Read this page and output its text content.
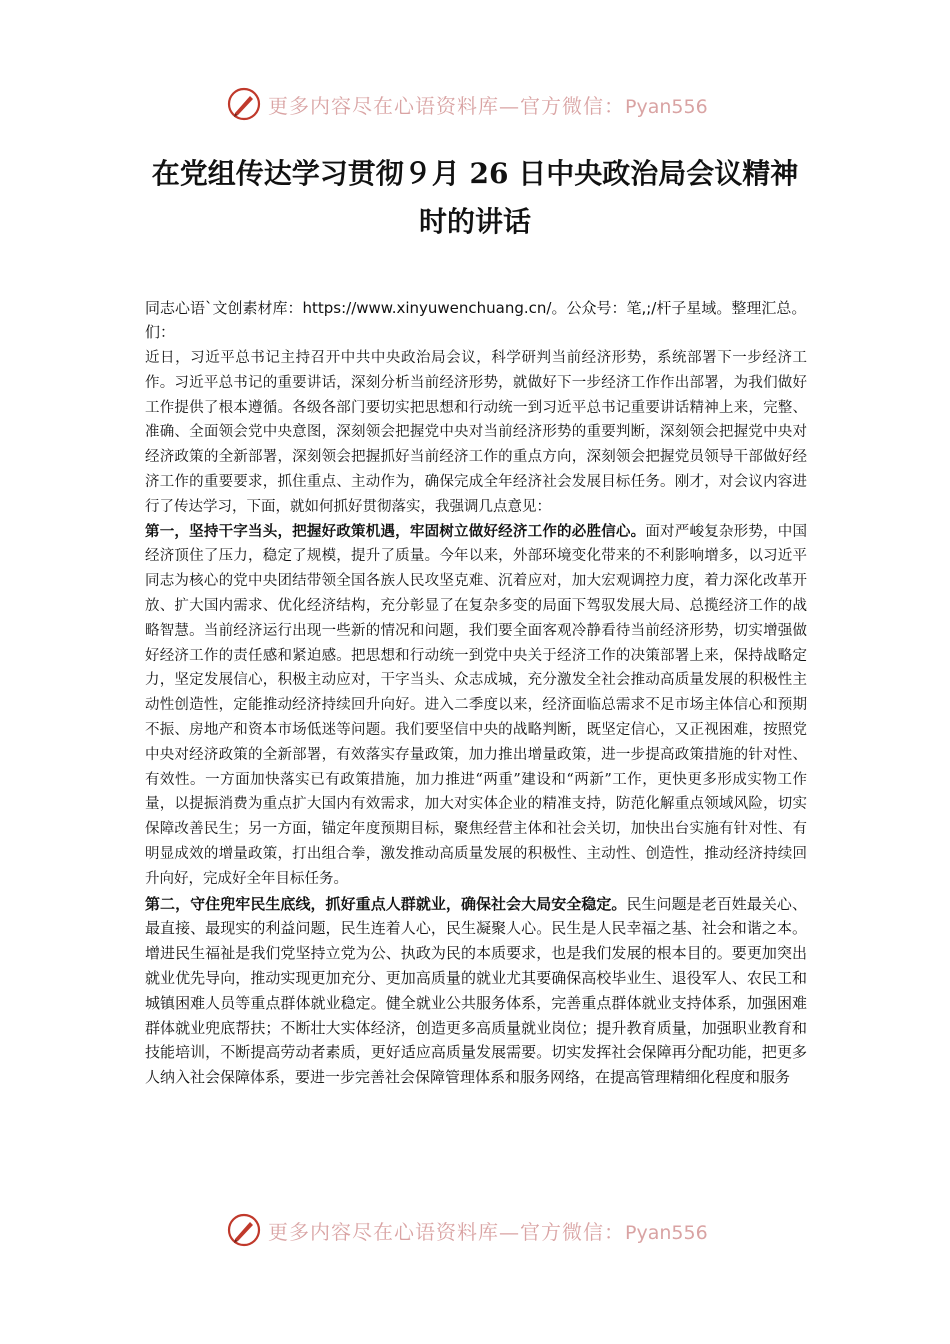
更多内容尽在心语资料库—官方微信：Pyan556
在党组传达学习贯彻９月 26 日中央政治局会议精神
时的讲话
同志心语`文创素材库：https://www.xinyuwenchuang.cn/。公众号：笔,;/杆子星域。整理汇总。们：

近日，习近平总书记主持召开中共中央政治局会议，科学研判当前经济形势，系统部署下一步经济工作。习近平总书记的重要讲话，深刻分析当前经济形势，就做好下一步经济工作作出部署，为我们做好工作提供了根本遵循。各级各部门要切实把思想和行动统一到习近平总书记重要讲话精神上来，完整、准确、全面领会党中央意图，深刻领会把握党中央对当前经济形势的重要判断，深刻领会把握党中央对经济政策的全新部署，深刻领会把握抓好当前经济工作的重点方向，深刻领会把握党员领导干部做好经济工作的重要要求，抓住重点、主动作为，确保完成全年经济社会发展目标任务。刚才，对会议内容进行了传达学习，下面，就如何抓好贯彻落实，我强调几点意见：

第一，坚持干字当头，把握好政策机遇，牢固树立做好经济工作的必胜信心。面对严峻复杂形势，中国经济顶住了压力，稳定了规模，提升了质量。今年以来，外部环境变化带来的不利影响增多，以习近平同志为核心的党中央团结带领全国各族人民攻坚克难、沉着应对，加大宏观调控力度，着力深化改革开放、扩大国内需求、优化经济结构，充分彰显了在复杂多变的局面下驾驭发展大局、总揽经济工作的战略智慧。当前经济运行出现一些新的情况和问题，我们要全面客观冷静看待当前经济形势，切实增强做好经济工作的责任感和紧迫感。把思想和行动统一到党中央关于经济工作的决策部署上来，保持战略定力，坚定发展信心，积极主动应对，干字当头、众志成城，充分激发全社会推动高质量发展的积极性主动性创造性，定能推动经济持续回升向好。进入二季度以来，经济面临总需求不足市场主体信心和预期不振、房地产和资本市场低迷等问题。我们要坚信中央的战略判断，既坚定信心，又正视困难，按照党中央对经济政策的全新部署，有效落实存量政策，加力推出增量政策，进一步提高政策措施的针对性、有效性。一方面加快落实已有政策措施，加力推进“两重”建设和“两新”工作，更快更多形成实物工作量，以提振消费为重点扩大国内有效需求，加大对实体企业的精准支持，防范化解重点领域风险，切实保障改善民生；另一方面，锚定年度预期目标，聚焦经营主体和社会关切，加快出台实施有针对性、有明显成效的增量政策，打出组合拳，激发推动高质量发展的积极性、主动性、创造性，推动经济持续回升向好，完成好全年目标任务。

第二，守住兜牢民生底线，抓好重点人群就业，确保社会大局安全稳定。民生问题是老百姓最关心、最直接、最现实的利益问题，民生连着人心，民生凝聚人心。民生是人民幸福之基、社会和谐之本。增进民生福祉是我们党坚持立党为公、执政为民的本质要求，也是我们发展的根本目的。要更加突出就业优先导向，推动实现更加充分、更加高质量的就业尤其要确保高校毕业生、退役军人、农民工和城镇困难人员等重点群体就业稳定。健全就业公共服务体系，完善重点群体就业支持体系，加强困难群体就业兜底帮扶；不断壮大实体经济，创造更多高质量就业岗位；提升教育质量，加强职业教育和技能培训，不断提高劳动者素质，更好适应高质量发展需要。切实发挥社会保障再分配功能，把更多人纳入社会保障体系，要进一步完善社会保障管理体系和服务网络，在提高管理精细化程度和服务

更多内容尽在心语资料库—官方微信：Pyan556
